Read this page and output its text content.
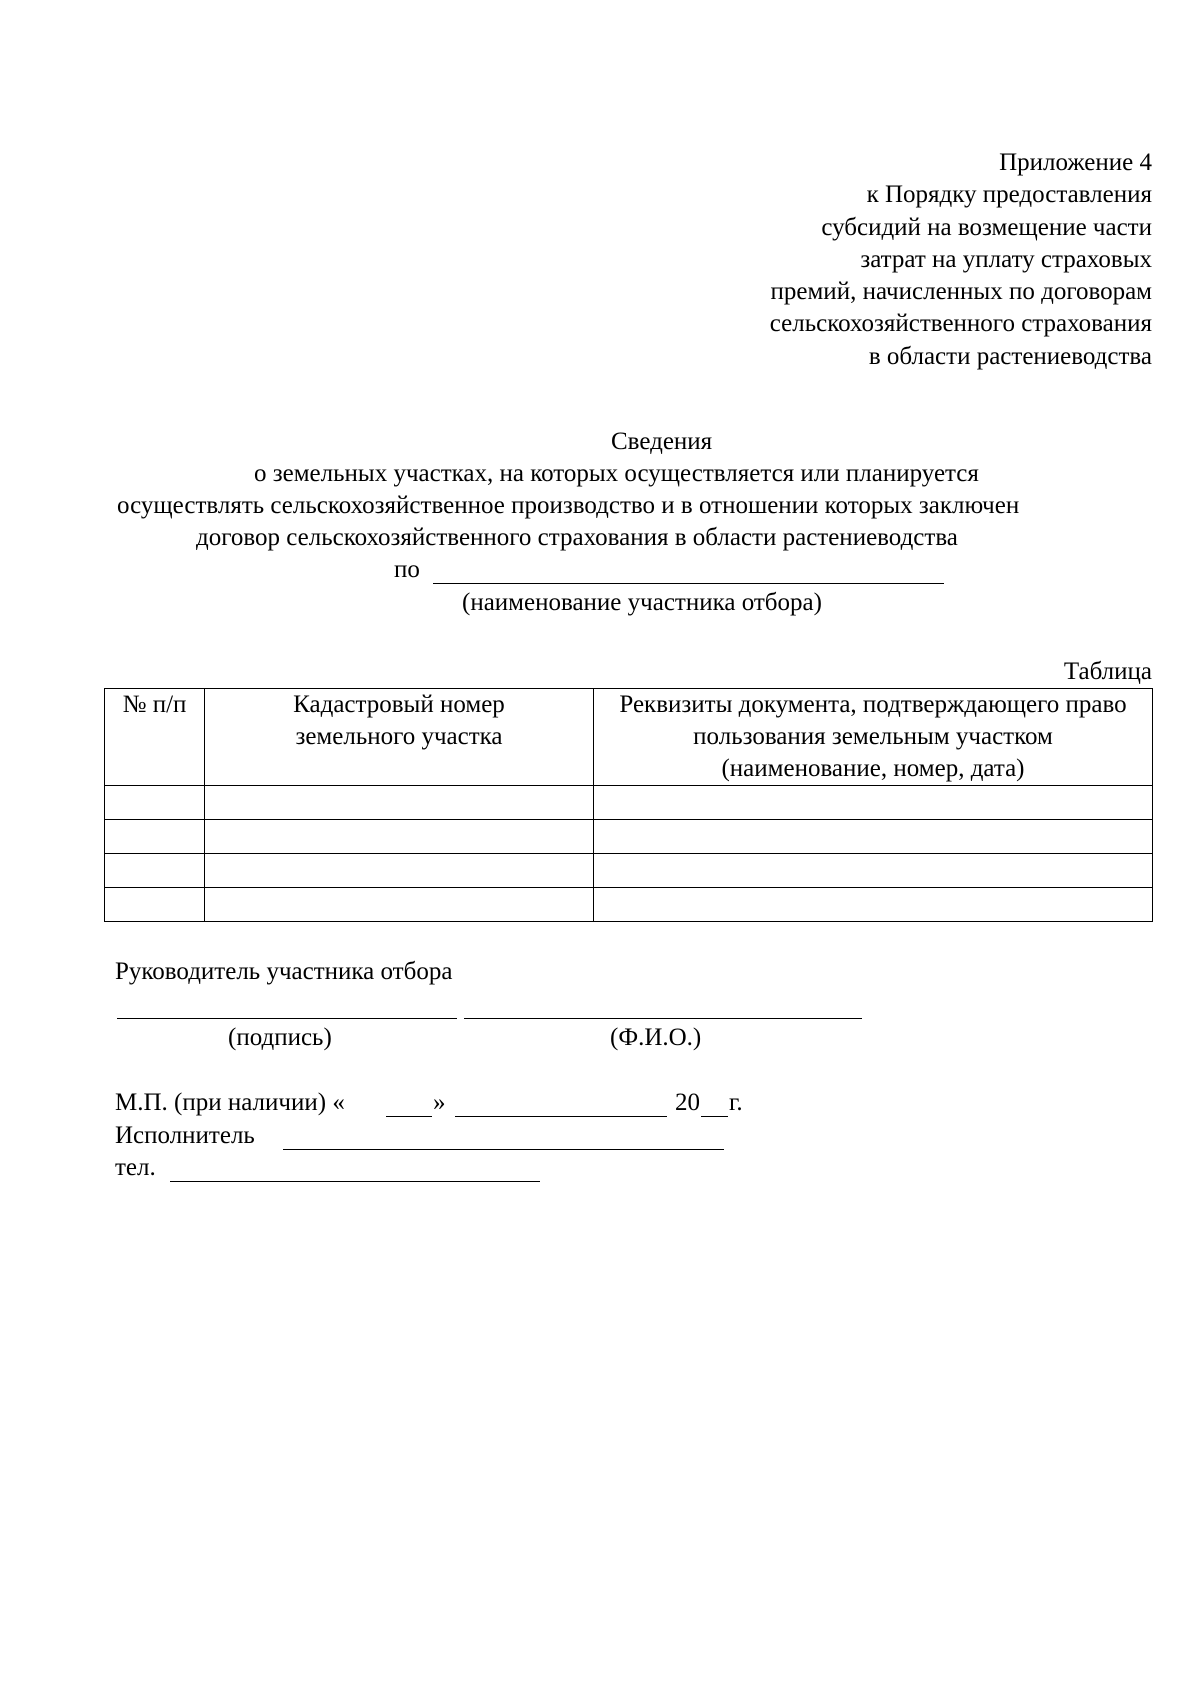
Приложение 4
к Порядку предоставления
субсидий на возмещение части
затрат на уплату страховых
премий, начисленных по договорам
сельскохозяйственного страхования
в области растениеводства
Сведения
о земельных участках, на которых осуществляется или планируется
осуществлять сельскохозяйственное производство и в отношении которых заключен
договор сельскохозяйственного страхования в области растениеводства
по
(наименование участника отбора)
Таблица
№ п/п	Кадастровый номер земельного участка	Реквизиты документа, подтверждающего право пользования земельным участком (наименование, номер, дата)

Руководитель участника отбора
(подпись)	(Ф.И.О.)
М.П. (при наличии) «	»	20 г.
Исполнитель
тел.
